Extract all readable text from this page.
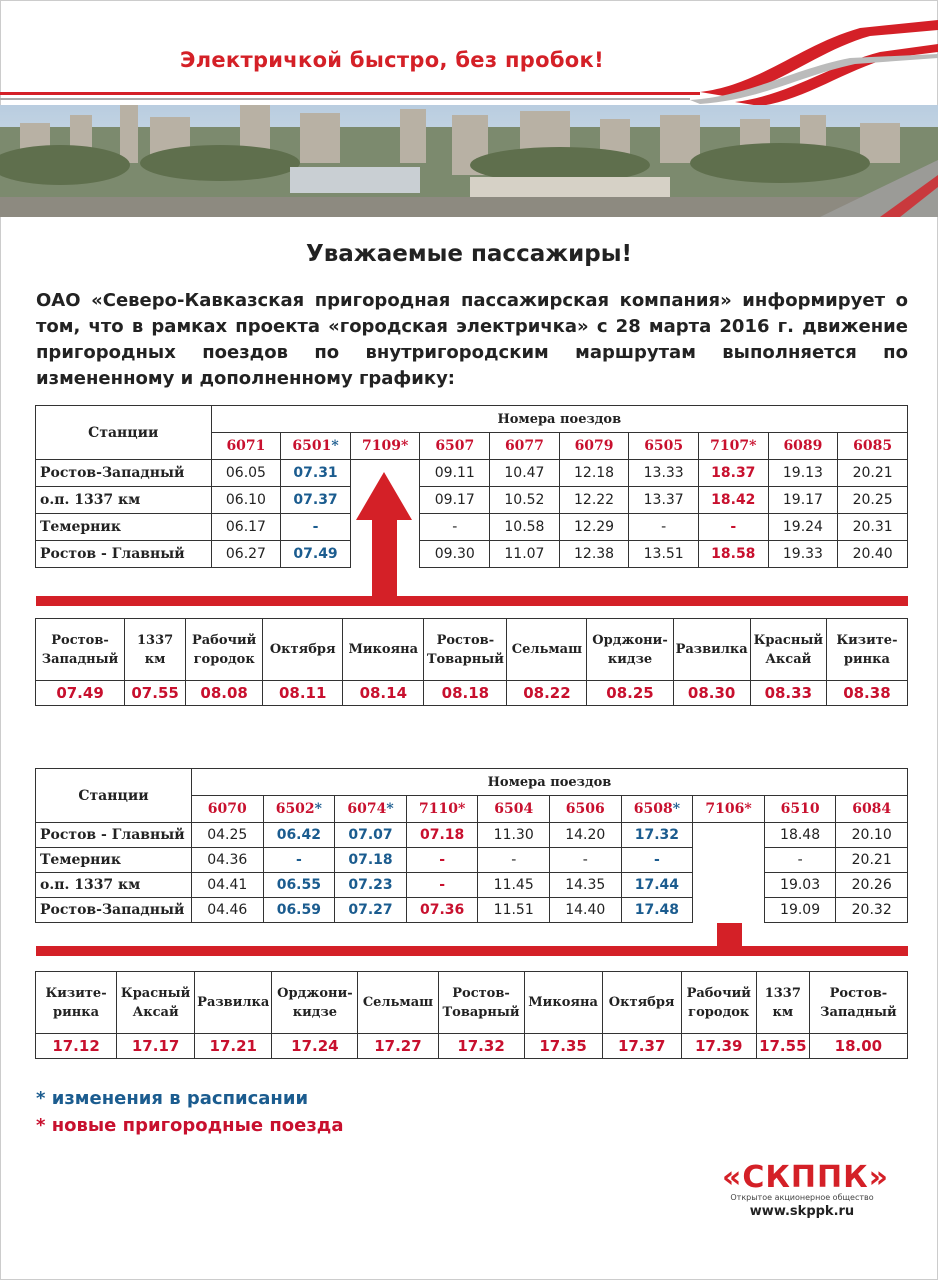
Электричкой быстро, без пробок!
Уважаемые пассажиры!
ОАО «Северо-Кавказская пригородная пассажирская компания» информирует о том, что в рамках проекта «городская электричка» с 28 марта 2016 г. движение пригородных поездов по внутригородским маршрутам выполняется по измененному и дополненному графику:
Станции	Номера поездов									
	6071	6501*	7109*	6507	6077	6079	6505	7107*	6089	6085
Ростов-Западный	06.05	07.31		09.11	10.47	12.18	13.33	18.37	19.13	20.21
о.п. 1337 км	06.10	07.37		09.17	10.52	12.22	13.37	18.42	19.17	20.25
Темерник	06.17	-		-	10.58	12.29	-	-	19.24	20.31
Ростов - Главный	06.27	07.49		09.30	11.07	12.38	13.51	18.58	19.33	20.40
Ростов-Западный	1337 км	Рабочий городок	Октября	Микояна	Ростов-Товарный	Сельмаш	Орджони-кидзе	Развилка	Красный Аксай	Кизите-ринка
07.49	07.55	08.08	08.11	08.14	08.18	08.22	08.25	08.30	08.33	08.38
Станции	Номера поездов									
	6070	6502*	6074*	7110*	6504	6506	6508*	7106*	6510	6084
Ростов - Главный	04.25	06.42	07.07	07.18	11.30	14.20	17.32		18.48	20.10
Темерник	04.36	-	07.18	-	-	-	-		-	20.21
о.п. 1337 км	04.41	06.55	07.23	-	11.45	14.35	17.44		19.03	20.26
Ростов-Западный	04.46	06.59	07.27	07.36	11.51	14.40	17.48		19.09	20.32
Кизите-ринка	Красный Аксай	Развилка	Орджони-кидзе	Сельмаш	Ростов-Товарный	Микояна	Октября	Рабочий городок	1337 км	Ростов-Западный
17.12	17.17	17.21	17.24	17.27	17.32	17.35	17.37	17.39	17.55	18.00
* изменения в расписании
* новые пригородные поезда
«СКППК»
Открытое акционерное общество
www.skppk.ru
